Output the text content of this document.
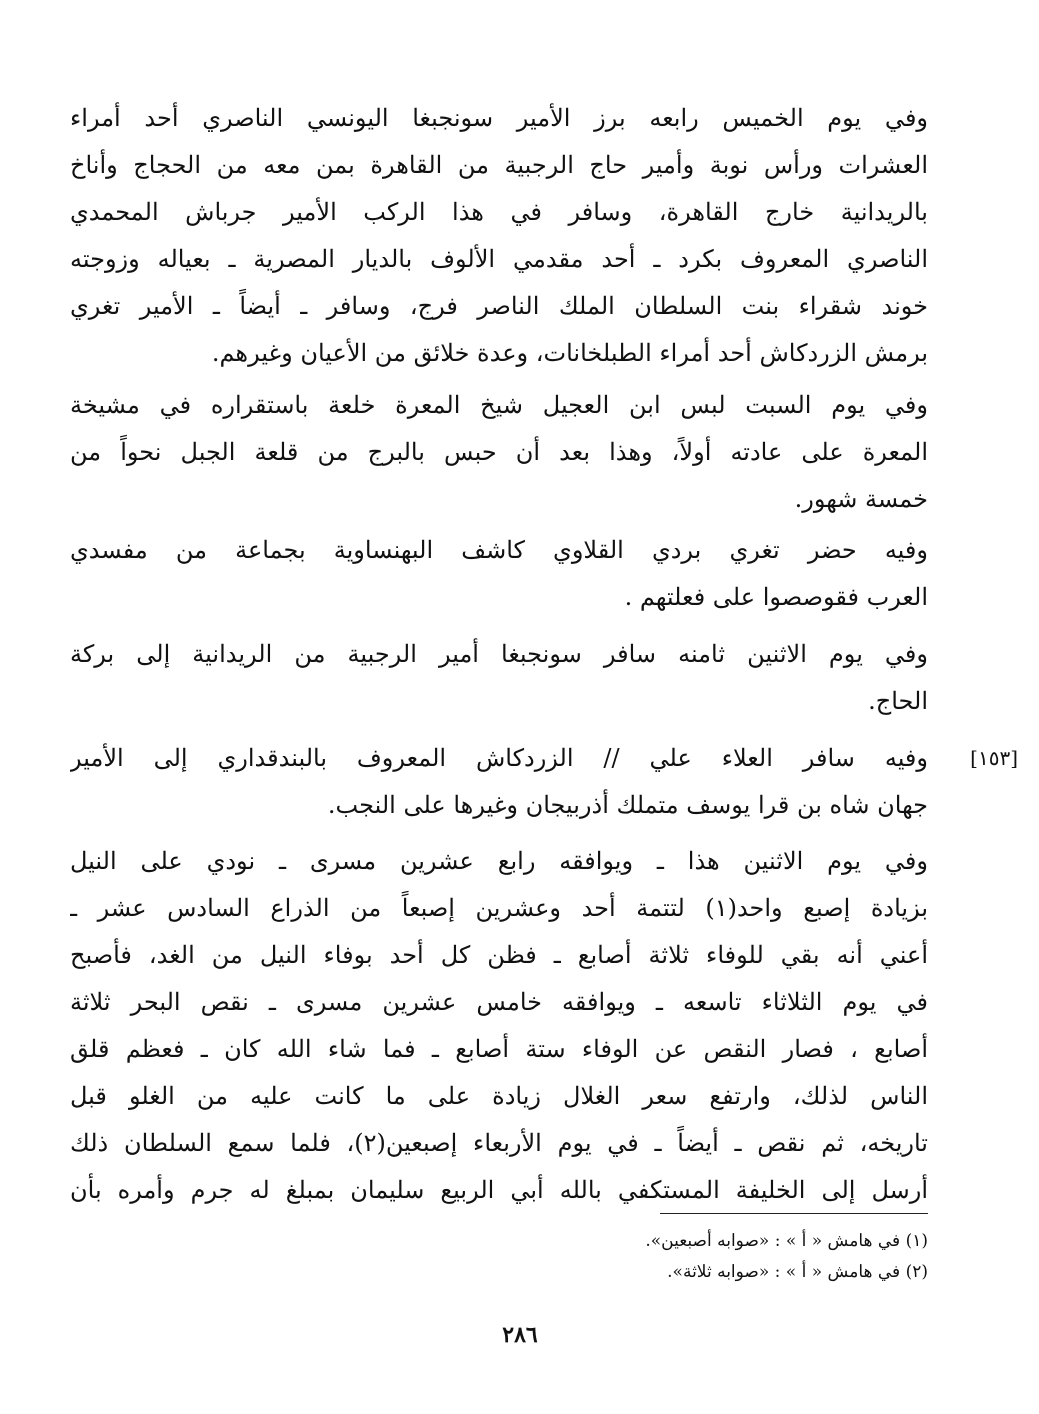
وفي يوم الخميس رابعه برز الأمير سونجبغا اليونسي الناصري أحد أمراء
العشرات ورأس نوبة وأمير حاج الرجبية من القاهرة بمن معه من الحجاج وأناخ
بالريدانية خارج القاهرة، وسافر في هذا الركب الأمير جرباش المحمدي
الناصري المعروف بكرد ـ أحد مقدمي الألوف بالديار المصرية ـ بعياله وزوجته
خوند شقراء بنت السلطان الملك الناصر فرج، وسافر ـ أيضاً ـ الأمير تغري
برمش الزردكاش أحد أمراء الطبلخانات، وعدة خلائق من الأعيان وغيرهم.
وفي يوم السبت لبس ابن العجيل شيخ المعرة خلعة باستقراره في مشيخة
المعرة على عادته أولاً، وهذا بعد أن حبس بالبرج من قلعة الجبل نحواً من
خمسة شهور.
وفيه حضر تغري بردي القلاوي كاشف البهنساوية بجماعة من مفسدي
العرب فقوصصوا على فعلتهم .
وفي يوم الاثنين ثامنه سافر سونجبغا أمير الرجبية من الريدانية إلى بركة
الحاج.
[١٥٣]
وفيه سافر العلاء علي // الزردكاش المعروف بالبندقداري إلى الأمير
جهان شاه بن قرا يوسف متملك أذربيجان وغيرها على النجب.
وفي يوم الاثنين هذا ـ ويوافقه رابع عشرين مسرى ـ نودي على النيل
بزيادة إصبع واحد(١) لتتمة أحد وعشرين إصبعاً من الذراع السادس عشر ـ
أعني أنه بقي للوفاء ثلاثة أصابع ـ فظن كل أحد بوفاء النيل من الغد، فأصبح
في يوم الثلاثاء تاسعه ـ ويوافقه خامس عشرين مسرى ـ نقص البحر ثلاثة
أصابع ، فصار النقص عن الوفاء ستة أصابع ـ فما شاء الله كان ـ فعظم قلق
الناس لذلك، وارتفع سعر الغلال زيادة على ما كانت عليه من الغلو قبل
تاريخه، ثم نقص ـ أيضاً ـ في يوم الأربعاء إصبعين(٢)، فلما سمع السلطان ذلك
أرسل إلى الخليفة المستكفي بالله أبي الربيع سليمان بمبلغ له جرم وأمره بأن
(١) في هامش « أ » : «صوابه أصبعين».
(٢) في هامش « أ » : «صوابه ثلاثة».
٢٨٦
